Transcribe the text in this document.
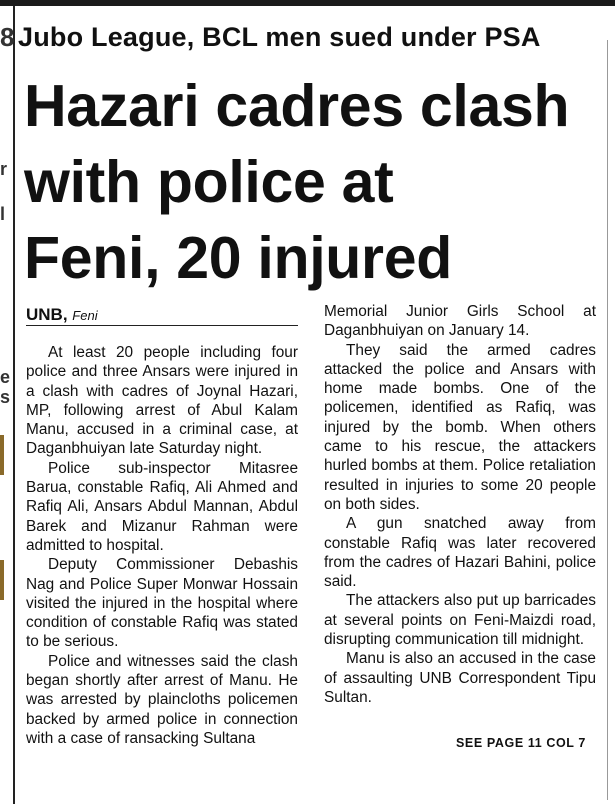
8
e
s
r
l
Jubo League, BCL men sued under PSA
Hazari cadres clash
with police at
Feni, 20 injured
UNB, Feni

At least 20 people including four police and three Ansars were injured in a clash with cadres of Joynal Hazari, MP, following arrest of Abul Kalam Manu, accused in a criminal case, at Daganbhuiyan late Saturday night.

Police sub-inspector Mitasree Barua, constable Rafiq, Ali Ahmed and Rafiq Ali, Ansars Abdul Mannan, Abdul Barek and Mizanur Rahman were admitted to hospital.

Deputy Commissioner Debashis Nag and Police Super Monwar Hossain visited the injured in the hospital where condition of constable Rafiq was stated to be serious.

Police and witnesses said the clash began shortly after arrest of Manu. He was arrested by plaincloths policemen backed by armed police in connection with a case of ransacking Sultana

Memorial Junior Girls School at Daganbhuiyan on January 14.

They said the armed cadres attacked the police and Ansars with home made bombs. One of the policemen, identified as Rafiq, was injured by the bomb. When others came to his rescue, the attackers hurled bombs at them. Police retaliation resulted in injuries to some 20 people on both sides.

A gun snatched away from constable Rafiq was later recovered from the cadres of Hazari Bahini, police said.

The attackers also put up barricades at several points on Feni-Maizdi road, disrupting communication till midnight.

Manu is also an accused in the case of assaulting UNB Correspondent Tipu Sultan.

SEE PAGE 11 COL 7
